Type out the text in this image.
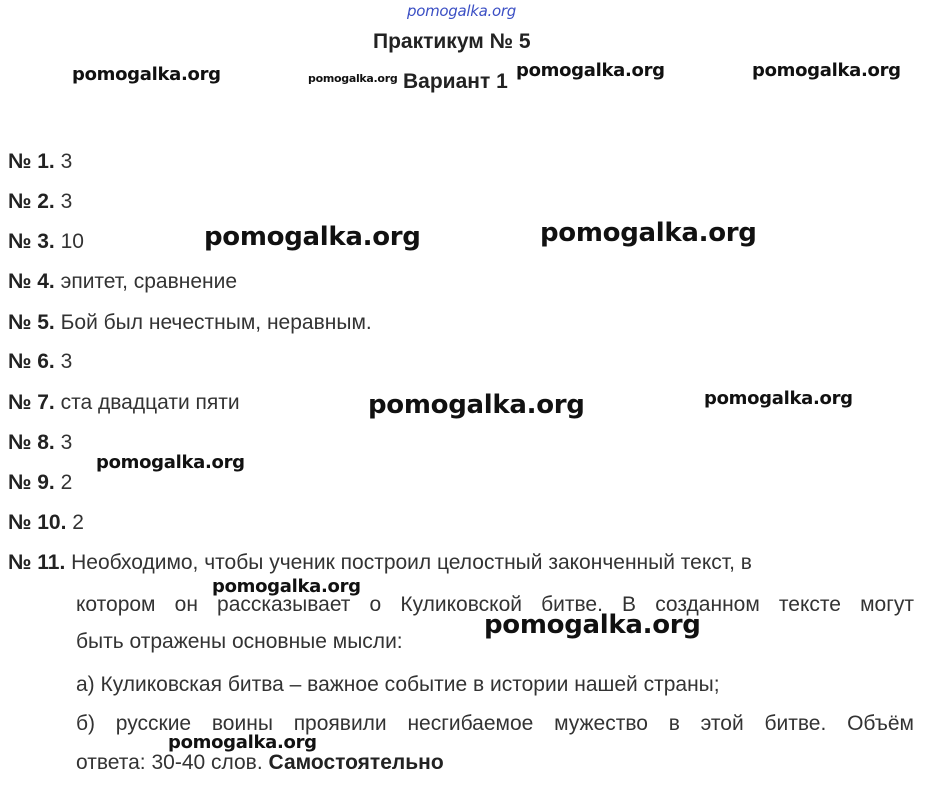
pomogalka.org
Практикум № 5
Вариант 1
pomogalka.org	pomogalka.org	pomogalka.org	pomogalka.org
pomogalka.org	pomogalka.org
pomogalka.org	pomogalka.org
pomogalka.org
pomogalka.org
pomogalka.org
pomogalka.org
№ 1. 3
№ 2. 3
№ 3. 10
№ 4. эпитет, сравнение
№ 5. Бой был нечестным, неравным.
№ 6. 3
№ 7. ста двадцати пяти
№ 8. 3
№ 9. 2
№ 10. 2
№ 11. Необходимо, чтобы ученик построил целостный законченный текст, в
котором он рассказывает о Куликовской битве. В созданном тексте могут
быть отражены основные мысли:
а) Куликовская битва – важное событие в истории нашей страны;
б) русские воины проявили несгибаемое мужество в этой битве. Объём
ответа: 30-40 слов. Самостоятельно
